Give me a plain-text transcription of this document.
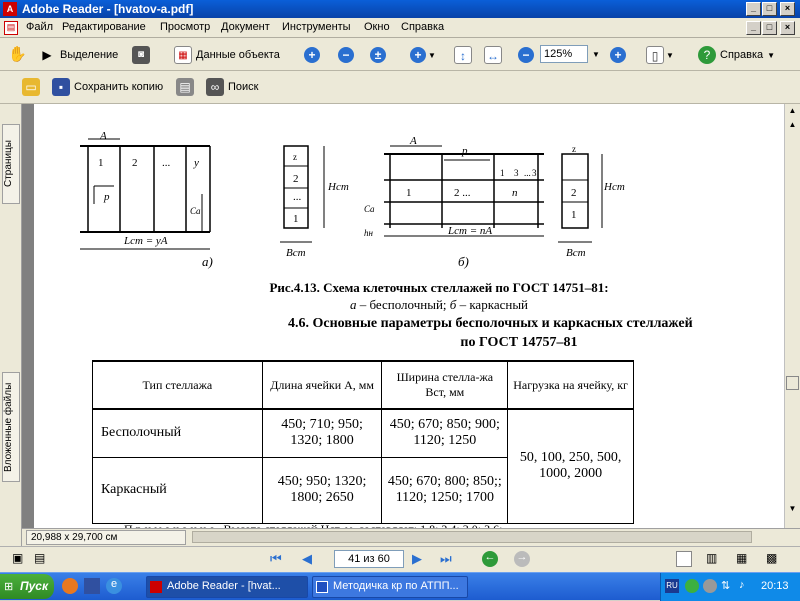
A Adobe Reader - [hvatov-a.pdf]	_	□	×
▤ Файл Редактирование Просмотр Документ Инструменты Окно Справка	_	□	×
✋	▶ Выделение	◙	▦ Данные объекта	+	−	±	+ ▼	↕	↔	−	125%	▼	+	▯ ▼	? Справка ▼
▭	▪ Сохранить копию ▤	∞ Поиск
Страницы
Вложенные файлы
A
1	2 ... y
p
Lст = yA
Cа
а)
z
2
...
1
Hст
Bст
A
p
1 3 ... 3
1	2 ...	n
Cа
hн	Lст = nA
б)
z
2
1
Hст
Bст
Рис.4.13. Схема клеточных стеллажей по ГОСТ 14751–81:
а – бесполочный; б – каркасный
4.6. Основные параметры бесполочных и каркасных стеллажей
по ГОСТ 14757–81
Тип стеллажа	Длина ячейки A, мм	Ширина стелла-жа Bст, мм	Нагрузка на ячейку, кг
Бесполочный	450; 710; 950; 1320; 1800	450; 670; 850; 900; 1120; 1250	50, 100, 250, 500, 1000, 2000
Каркасный	450; 950; 1320; 1800; 2650	450; 670; 800; 850;; 1120; 1250; 1700	
▲
▲
▼
20,988 x 29,700 см
▣ ▤	⏮ ◀	41 из 60	▶ ⏭	← →	▥ ▦ ▩
Пуск
⊞	e	Adobe Reader - [hvat...	Методичка кр по АТПП...	RU	⇅ ♪	20:13
